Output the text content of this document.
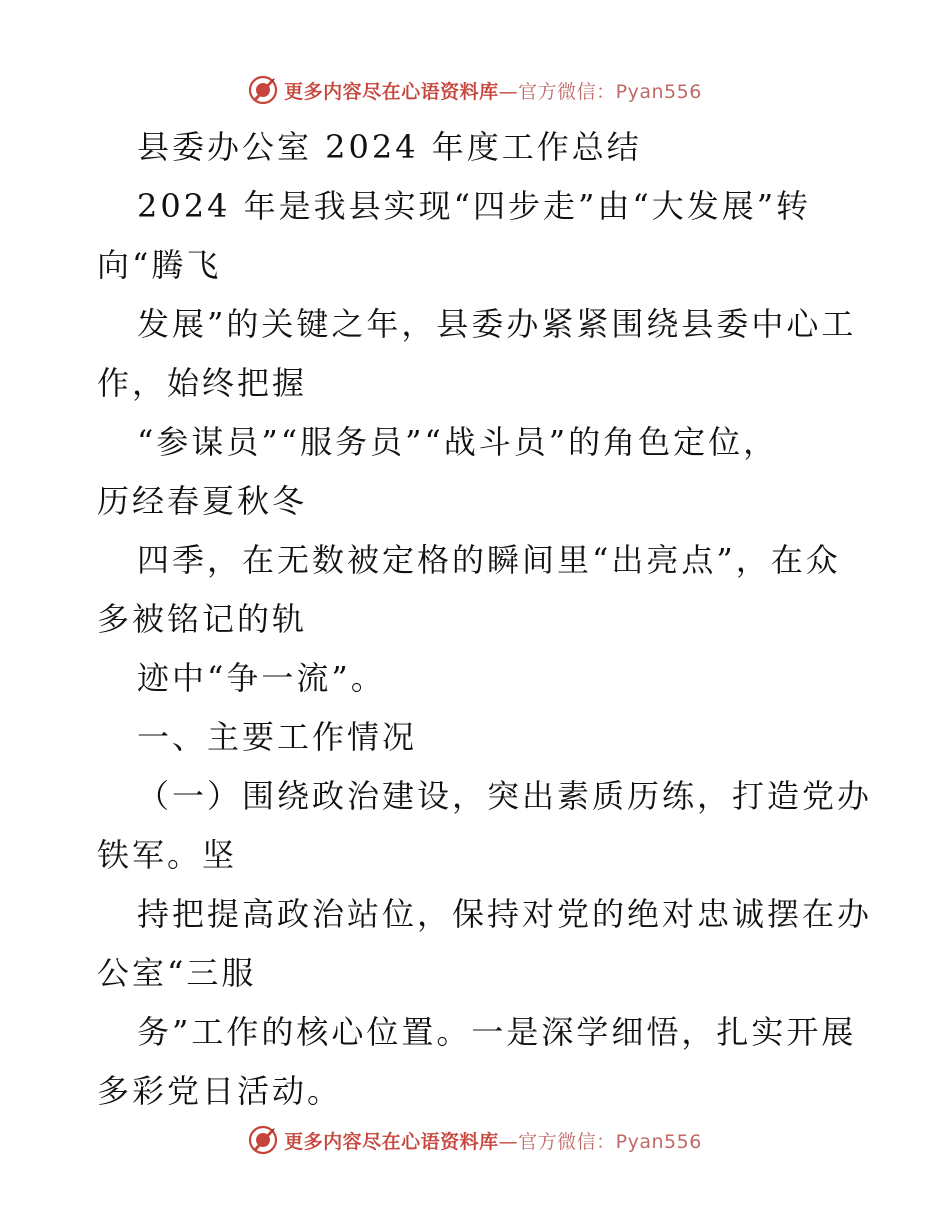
更多内容尽在心语资料库—官方微信：Pyan556

县委办公室 2024 年度工作总结

2024 年是我县实现“四步走”由“大发展”转

向“腾飞

发展”的关键之年，县委办紧紧围绕县委中心工

作，始终把握

“参谋员”“服务员”“战斗员”的角色定位，

历经春夏秋冬

四季，在无数被定格的瞬间里“出亮点”，在众

多被铭记的轨

迹中“争一流”。

一、主要工作情况

（一）围绕政治建设，突出素质历练，打造党办

铁军。坚

持把提高政治站位，保持对党的绝对忠诚摆在办

公室“三服

务”工作的核心位置。一是深学细悟，扎实开展

多彩党日活动。

更多内容尽在心语资料库—官方微信：Pyan556
